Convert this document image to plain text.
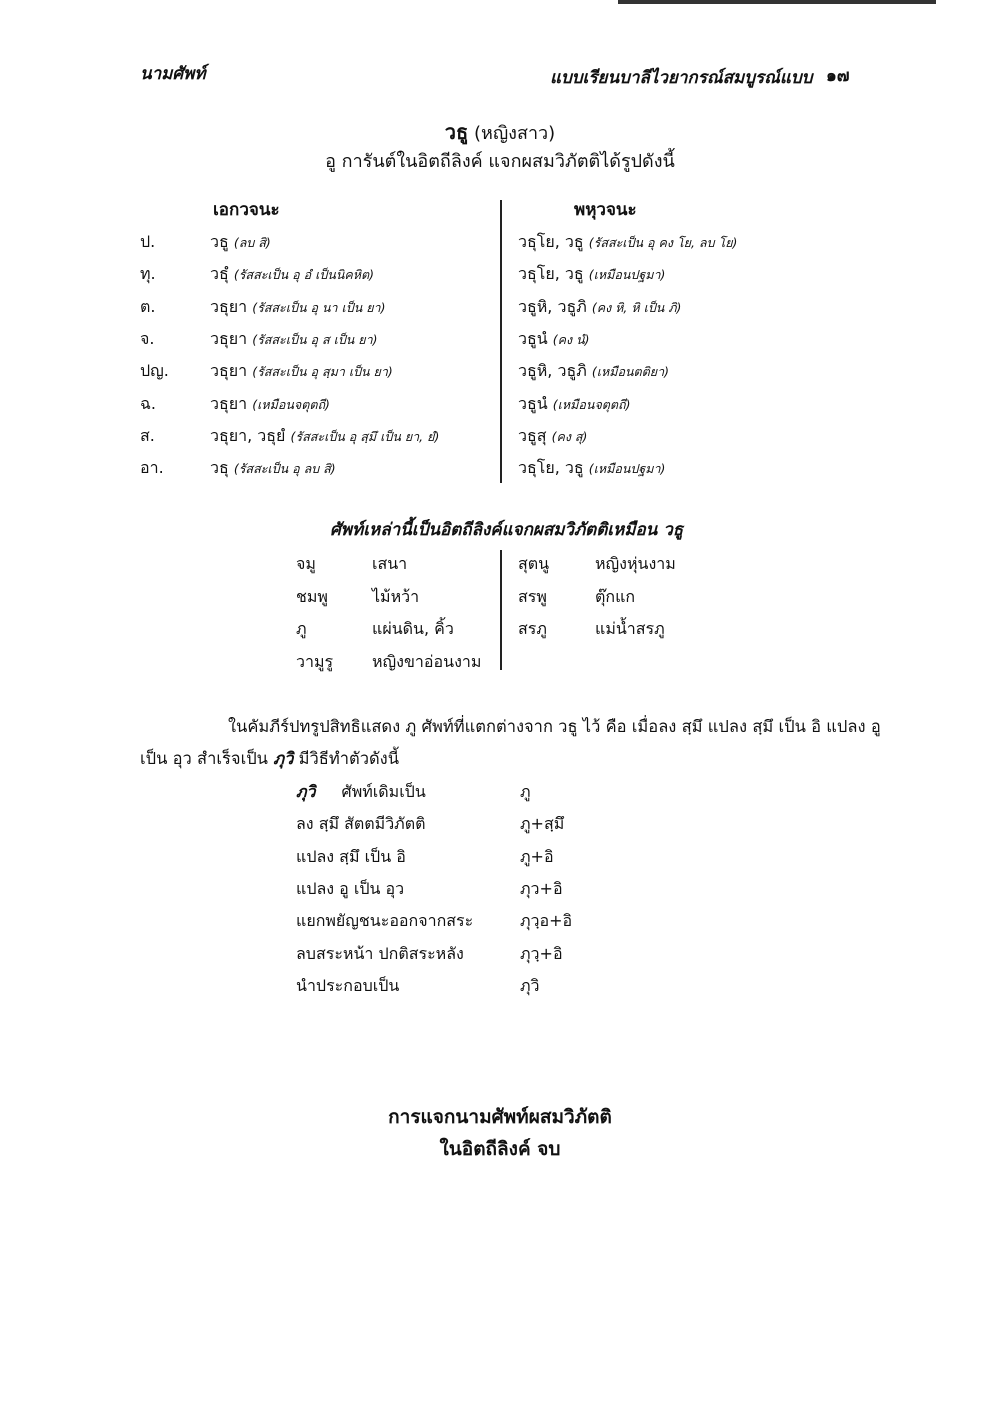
นามศัพท์	แบบเรียนบาลีไวยากรณ์สมบูรณ์แบบ ๑๗
วธู (หญิงสาว)
อู การันต์ในอิตถีลิงค์ แจกผสมวิภัตติได้รูปดังนี้
เอกวจนะ	พหุวจนะ
ป.	วธู (ลบ สิ)	วธุโย, วธู (รัสสะเป็น อุ คง โย, ลบ โย)
ทุ.	วธุํ (รัสสะเป็น อุ อํ เป็นนิคหิต)	วธุโย, วธู (เหมือนปฐมา)
ต.	วธุยา (รัสสะเป็น อุ นา เป็น ยา)	วธูหิ, วธูภิ (คง หิ, หิ เป็น ภิ)
จ.	วธุยา (รัสสะเป็น อุ ส เป็น ยา)	วธูนํ (คง นํ)
ปญ.	วธุยา (รัสสะเป็น อุ สฺมา เป็น ยา)	วธูหิ, วธูภิ (เหมือนตติยา)
ฉ.	วธุยา (เหมือนจตุตถี)	วธูนํ (เหมือนจตุตถี)
ส.	วธุยา, วธุยํ (รัสสะเป็น อุ สฺมึ เป็น ยา, ยํ)	วธูสุ (คง สุ)
อา.	วธุ (รัสสะเป็น อุ ลบ สิ)	วธุโย, วธู (เหมือนปฐมา)
ศัพท์เหล่านี้เป็นอิตถีลิงค์แจกผสมวิภัตติเหมือน วธู
จมู	เสนา
ชมพู	ไม้หว้า
ภู	แผ่นดิน, คิ้ว
วามูรู หญิงขาอ่อนงาม
สุตนู	หญิงหุ่นงาม
สรพู	ตุ๊กแก
สรภู	แม่น้ำสรภู
ในคัมภีร์ปทรูปสิทธิแสดง ภู ศัพท์ที่แตกต่างจาก วธู ไว้ คือ เมื่อลง สฺมึ แปลง สฺมึ เป็น อิ แปลง อู
เป็น อุว สำเร็จเป็น ภุวิ มีวิธีทำตัวดังนี้
ภุวิ ศัพท์เดิมเป็น	ภู
ลง สฺมึ สัตตมีวิภัตติ	ภู+สฺมึ
แปลง สฺมึ เป็น อิ	ภู+อิ
แปลง อู เป็น อุว	ภุว+อิ
แยกพยัญชนะออกจากสระ	ภุวฺอ+อิ
ลบสระหน้า ปกติสระหลัง	ภุวฺ+อิ
นำประกอบเป็น	ภุวิ
การแจกนามศัพท์ผสมวิภัตติ
ในอิตถีลิงค์ จบ
